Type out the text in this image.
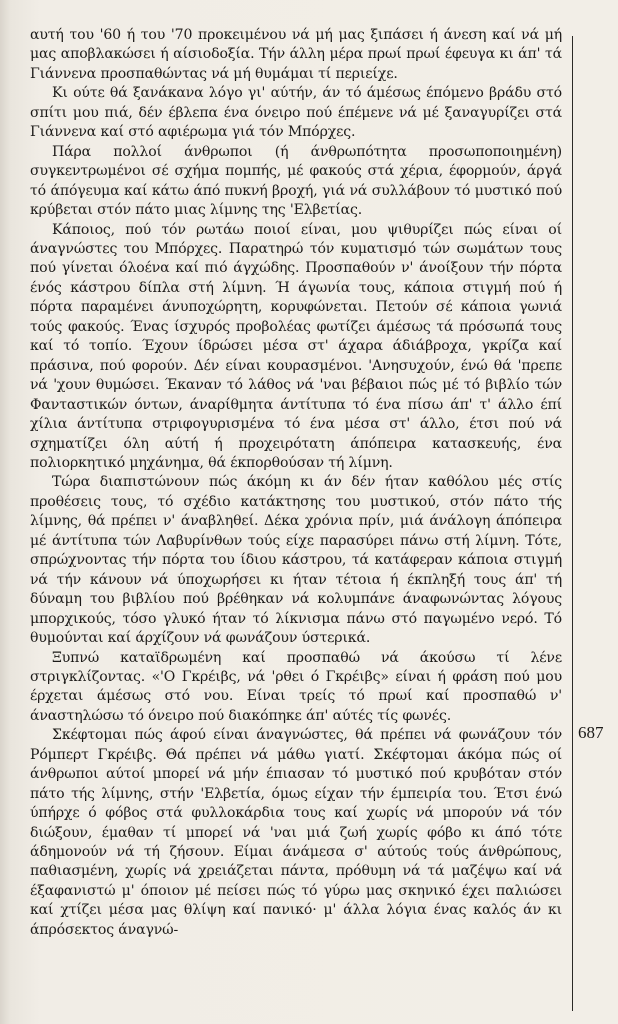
αυτή του '60 ή του '70 προκειμένου νά μή μας ξιπάσει ή άνεση καί νά μή μας αποβλακώσει ή αίσιοδοξία. Τήν άλλη μέρα πρωί πρωί έφευγα κι άπ' τά Γιάννενα προσπαθώντας νά μή θυμάμαι τί περιείχε.

Κι ούτε θά ξανάκανα λόγο γι' αύτήν, άν τό άμέσως έπόμενο βράδυ στό σπίτι μου πιά, δέν έβλεπα ένα όνειρο πού έπέμενε νά μέ ξαναγυρίζει στά Γιάννενα καί στό αφιέρωμα γιά τόν Μπόρχες.

Πάρα πολλοί άνθρωποι (ή άνθρωπότητα προσωποποιημένη) συγκεντρωμένοι σέ σχήμα πομπής, μέ φακούς στά χέρια, έφορμούν, άργά τό άπόγευμα καί κάτω άπό πυκνή βροχή, γιά νά συλλάβουν τό μυστικό πού κρύβεται στόν πάτο μιας λίμνης της 'Ελβετίας.

Κάποιος, πού τόν ρωτάω ποιοί είναι, μου ψιθυρίζει πώς είναι οί άναγνώστες του Μπόρχες. Παρατηρώ τόν κυματισμό τών σωμάτων τους πού γίνεται όλοένα καί πιό άγχώδης. Προσπαθούν ν' άνοίξουν τήν πόρτα ένός κάστρου δίπλα στή λίμνη. Ή άγωνία τους, κάποια στιγμή πού ή πόρτα παραμένει άνυποχώρητη, κορυφώνεται. Πετούν σέ κάποια γωνιά τούς φακούς. Ένας ίσχυρός προβολέας φωτίζει άμέσως τά πρόσωπά τους καί τό τοπίο. Έχουν ίδρώσει μέσα στ' άχαρα άδιάβροχα, γκρίζα καί πράσινα, πού φορούν. Δέν είναι κουρασμένοι. 'Ανησυχούν, ένώ θά 'πρεπε νά 'χουν θυμώσει. Έκαναν τό λάθος νά 'ναι βέβαιοι πώς μέ τό βιβλίο τών Φανταστικών όντων, άναρίθμητα άντίτυπα τό ένα πίσω άπ' τ' άλλο έπί χίλια άντίτυπα στριφογυρισμένα τό ένα μέσα στ' άλλο, έτσι πού νά σχηματίζει όλη αύτή ή προχειρότατη άπόπειρα κατασκευής, ένα πολιορκητικό μηχάνημα, θά έκπορθούσαν τή λίμνη.

Τώρα διαπιστώνουν πώς άκόμη κι άν δέν ήταν καθόλου μές στίς προθέσεις τους, τό σχέδιο κατάκτησης του μυστικού, στόν πάτο τής λίμνης, θά πρέπει ν' άναβληθεί. Δέκα χρόνια πρίν, μιά άνάλογη άπόπειρα μέ άντίτυπα τών Λαβυρίνθων τούς είχε παρασύρει πάνω στή λίμνη. Τότε, σπρώχνοντας τήν πόρτα του ίδιου κάστρου, τά κατάφεραν κάποια στιγμή νά τήν κάνουν νά ύποχωρήσει κι ήταν τέτοια ή έκπληξή τους άπ' τή δύναμη του βιβλίου πού βρέθηκαν νά κολυμπάνε άναφωνώντας λόγους μπορχικούς, τόσο γλυκό ήταν τό λίκνισμα πάνω στό παγωμένο νερό. Τό θυμούνται καί άρχίζουν νά φωνάζουν ύστερικά.

Ξυπνώ καταϊδρωμένη καί προσπαθώ νά άκούσω τί λένε στριγκλίζοντας. «'Ο Γκρέιβς, νά 'ρθει ό Γκρέιβς» είναι ή φράση πού μου έρχεται άμέσως στό νου. Είναι τρείς τό πρωί καί προσπαθώ ν' άναστηλώσω τό όνειρο πού διακόπηκε άπ' αύτές τίς φωνές.

Σκέφτομαι πώς άφού είναι άναγνώστες, θά πρέπει νά φωνάζουν τόν Ρόμπερτ Γκρέιβς. Θά πρέπει νά μάθω γιατί. Σκέφτομαι άκόμα πώς οί άνθρωποι αύτοί μπορεί νά μήν έπιασαν τό μυστικό πού κρυβόταν στόν πάτο τής λίμνης, στήν 'Ελβετία, όμως είχαν τήν έμπειρία του. Έτσι ένώ ύπήρχε ό φόβος στά φυλλοκάρδια τους καί χωρίς νά μπορούν νά τόν διώξουν, έμαθαν τί μπορεί νά 'ναι μιά ζωή χωρίς φόβο κι άπό τότε άδημονούν νά τή ζήσουν. Είμαι άνάμεσα σ' αύτούς τούς άνθρώπους, παθιασμένη, χωρίς νά χρειάζεται πάντα, πρόθυμη νά τά μαζέψω καί νά έξαφανιστώ μ' όποιον μέ πείσει πώς τό γύρω μας σκηνικό έχει παλιώσει καί χτίζει μέσα μας θλίψη καί πανικό· μ' άλλα λόγια ένας καλός άν κι άπρόσεκτος άναγνώ-

687
